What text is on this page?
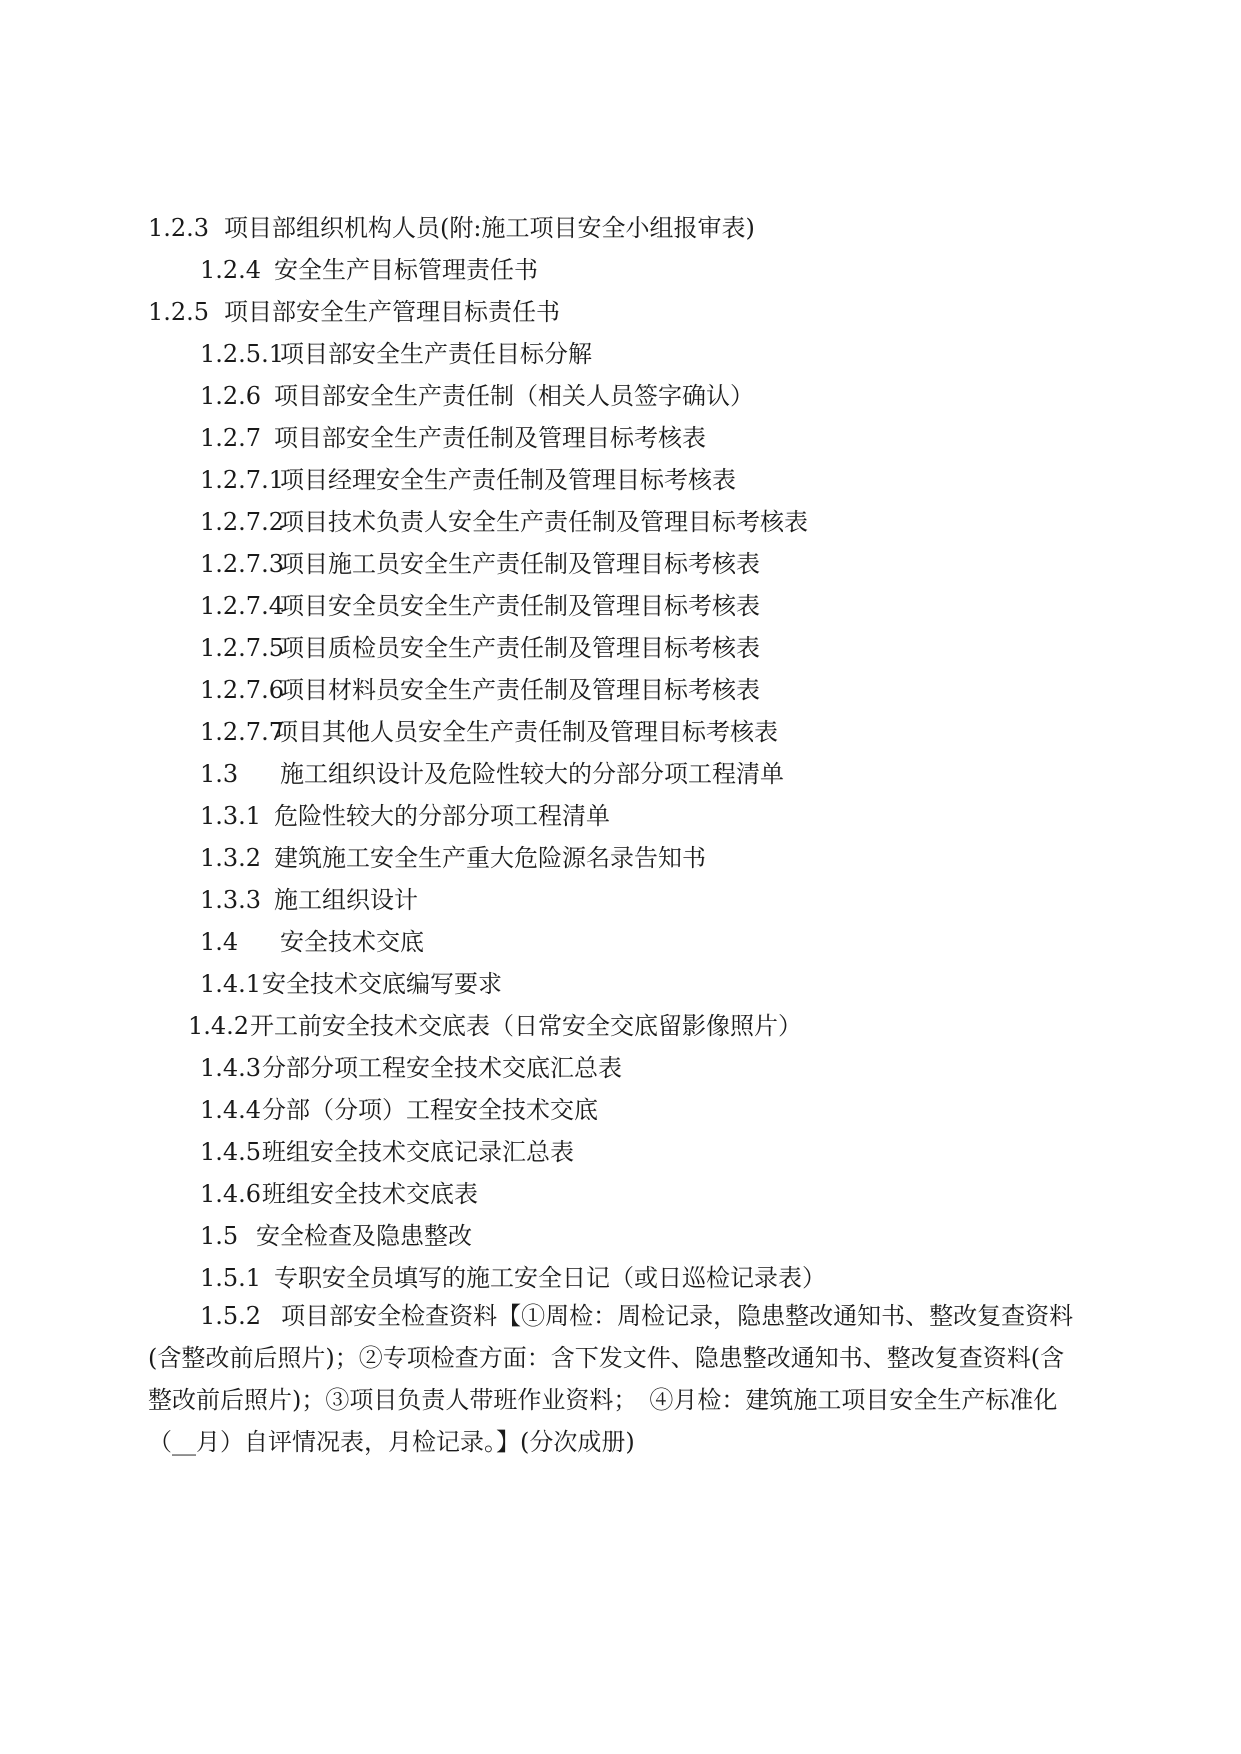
1.2.3 项目部组织机构人员(附:施工项目安全小组报审表)
1.2.4 安全生产目标管理责任书
1.2.5 项目部安全生产管理目标责任书
1.2.5.1项目部安全生产责任目标分解
1.2.6 项目部安全生产责任制（相关人员签字确认）
1.2.7 项目部安全生产责任制及管理目标考核表
1.2.7.1项目经理安全生产责任制及管理目标考核表
1.2.7.2项目技术负责人安全生产责任制及管理目标考核表
1.2.7.3项目施工员安全生产责任制及管理目标考核表
1.2.7.4项目安全员安全生产责任制及管理目标考核表
1.2.7.5项目质检员安全生产责任制及管理目标考核表
1.2.7.6项目材料员安全生产责任制及管理目标考核表
1.2.7.7项目其他人员安全生产责任制及管理目标考核表
1.3 施工组织设计及危险性较大的分部分项工程清单
1.3.1 危险性较大的分部分项工程清单
1.3.2 建筑施工安全生产重大危险源名录告知书
1.3.3 施工组织设计
1.4 安全技术交底
1.4.1安全技术交底编写要求
1.4.2开工前安全技术交底表（日常安全交底留影像照片）
1.4.3分部分项工程安全技术交底汇总表
1.4.4分部（分项）工程安全技术交底
1.4.5班组安全技术交底记录汇总表
1.4.6班组安全技术交底表
1.5 安全检查及隐患整改
1.5.1 专职安全员填写的施工安全日记（或日巡检记录表）
1.5.2 项目部安全检查资料【①周检：周检记录，隐患整改通知书、整改复查资料
(含整改前后照片)；②专项检查方面：含下发文件、隐患整改通知书、整改复查资料(含
整改前后照片)；③项目负责人带班作业资料；　④月检：建筑施工项目安全生产标准化
（__月）自评情况表，月检记录。】(分次成册)
